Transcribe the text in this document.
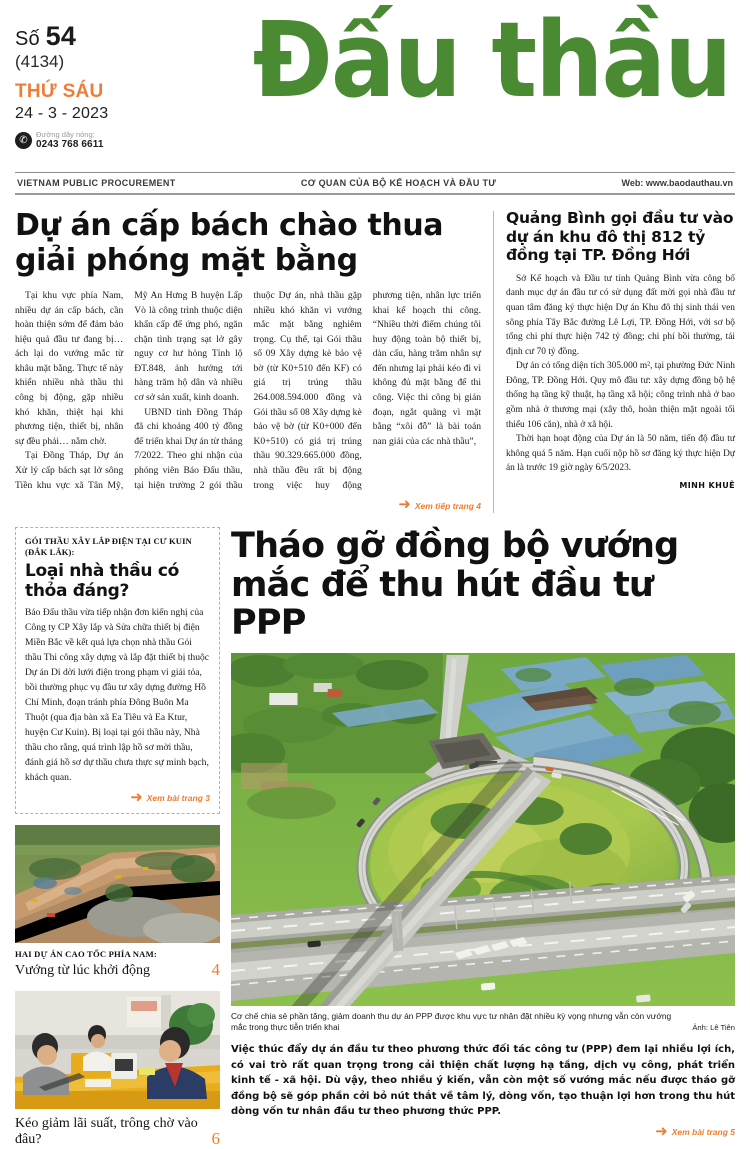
Số 54
(4134)
THỨ SÁU
24 - 3 - 2023
✆
Đường dây nóng:
0243 768 6611
Đấu thầu
VIETNAM PUBLIC PROCUREMENT	CƠ QUAN CỦA BỘ KẾ HOẠCH VÀ ĐẦU TƯ	Web: www.baodauthau.vn
Dự án cấp bách chào thua giải phóng mặt bằng

Tại khu vực phía Nam, nhiều dự án cấp bách, cần hoàn thiện sớm để đảm bảo hiệu quả đầu tư đang bị… ách lại do vướng mắc từ khâu mặt bằng. Thực tế này khiến nhiều nhà thầu thi công bị động, gặp nhiều khó khăn, thiệt hại khi phương tiện, thiết bị, nhân sự đều phải… nằm chờ.

Tại Đồng Tháp, Dự án Xử lý cấp bách sạt lở sông Tiền khu vực xã Tân Mỹ, Mỹ An Hưng B huyện Lấp Vò là công trình thuộc diện khẩn cấp để ứng phó, ngăn chặn tình trạng sạt lở gây nguy cơ hư hỏng Tỉnh lộ ĐT.848, ảnh hưởng tới hàng trăm hộ dân và nhiều cơ sở sản xuất, kinh doanh.

UBND tỉnh Đồng Tháp đã chi khoảng 400 tỷ đồng để triển khai Dự án từ tháng 7/2022. Theo ghi nhận của phóng viên Báo Đấu thầu, tại hiện trường 2 gói thầu thuộc Dự án, nhà thầu gặp nhiều khó khăn vì vướng mắc mặt bằng nghiêm trọng. Cụ thể, tại Gói thầu số 09 Xây dựng kè bảo vệ bờ (từ K0+510 đến KF) có giá trị trúng thầu 264.008.594.000 đồng và Gói thầu số 08 Xây dựng kè bảo vệ bờ (từ K0+000 đến K0+510) có giá trị trúng thầu 90.329.665.000 đồng, nhà thầu đều rất bị động trong việc huy động phương tiện, nhân lực triển khai kế hoạch thi công. “Nhiều thời điểm chúng tôi huy động toàn bộ thiết bị, dàn cấu, hàng trăm nhân sự đến nhưng lại phải kéo đi vì không đủ mặt bằng để thi công. Việc thi công bị gián đoạn, ngắt quãng vì mặt bằng “xôi đỗ” là bài toán nan giải của các nhà thầu”,

➜ Xem tiếp trang 4
Quảng Bình gọi đầu tư vào dự án khu đô thị 812 tỷ đồng tại TP. Đồng Hới

Sở Kế hoạch và Đầu tư tỉnh Quảng Bình vừa công bố danh mục dự án đầu tư có sử dụng đất mời gọi nhà đầu tư quan tâm đăng ký thực hiện Dự án Khu đô thị sinh thái ven sông phía Tây Bắc đường Lê Lợi, TP. Đồng Hới, với sơ bộ tổng chi phí thực hiện 742 tỷ đồng; chi phí bồi thường, tái định cư 70 tỷ đồng.

Dự án có tổng diện tích 305.000 m², tại phường Đức Ninh Đông, TP. Đồng Hới. Quy mô đầu tư: xây dựng đồng bộ hệ thống hạ tầng kỹ thuật, hạ tầng xã hội; công trình nhà ở bao gồm nhà ở thương mại (xây thô, hoàn thiện mặt ngoài tối thiểu 106 căn), nhà ở xã hội.

Thời hạn hoạt động của Dự án là 50 năm, tiến độ đầu tư không quá 5 năm. Hạn cuối nộp hồ sơ đăng ký thực hiện Dự án là trước 19 giờ ngày 6/5/2023.

MINH KHUÊ
GÓI THẦU XÂY LẮP ĐIỆN TẠI CƯ KUIN (ĐẮK LẮK):
Loại nhà thầu có thỏa đáng?

Báo Đấu thầu vừa tiếp nhận đơn kiến nghị của Công ty CP Xây lắp và Sửa chữa thiết bị điện Miền Bắc về kết quả lựa chọn nhà thầu Gói thầu Thi công xây dựng và lắp đặt thiết bị thuộc Dự án Di dời lưới điện trong phạm vi giải tỏa, bồi thường phục vụ đầu tư xây dựng đường Hồ Chí Minh, đoạn tránh phía Đông Buôn Ma Thuột (qua địa bàn xã Ea Tiêu và Ea Ktur, huyện Cư Kuin). Bị loại tại gói thầu này, Nhà thầu cho rằng, quá trình lập hồ sơ mời thầu, đánh giá hồ sơ dự thầu chưa thực sự minh bạch, khách quan.

➜ Xem bài trang 3
HAI DỰ ÁN CAO TỐC PHÍA NAM:
Vướng từ lúc khởi động	4
Kéo giảm lãi suất, trông chờ vào đâu?	6
Tháo gỡ đồng bộ vướng mắc để thu hút đầu tư PPP
Cơ chế chia sẻ phần tăng, giảm doanh thu dự án PPP được khu vực tư nhân đặt nhiều kỳ vọng nhưng vẫn còn vướng mắc trong thực tiễn triển khai	Ảnh: Lê Tiên

Việc thúc đẩy dự án đầu tư theo phương thức đối tác công tư (PPP) đem lại nhiều lợi ích, có vai trò rất quan trọng trong cải thiện chất lượng hạ tầng, dịch vụ công, phát triển kinh tế - xã hội. Dù vậy, theo nhiều ý kiến, vẫn còn một số vướng mắc nếu được tháo gỡ đồng bộ sẽ góp phần cởi bỏ nút thắt về tâm lý, dòng vốn, tạo thuận lợi hơn trong thu hút dòng vốn tư nhân đầu tư theo phương thức PPP.

➜ Xem bài trang 5
